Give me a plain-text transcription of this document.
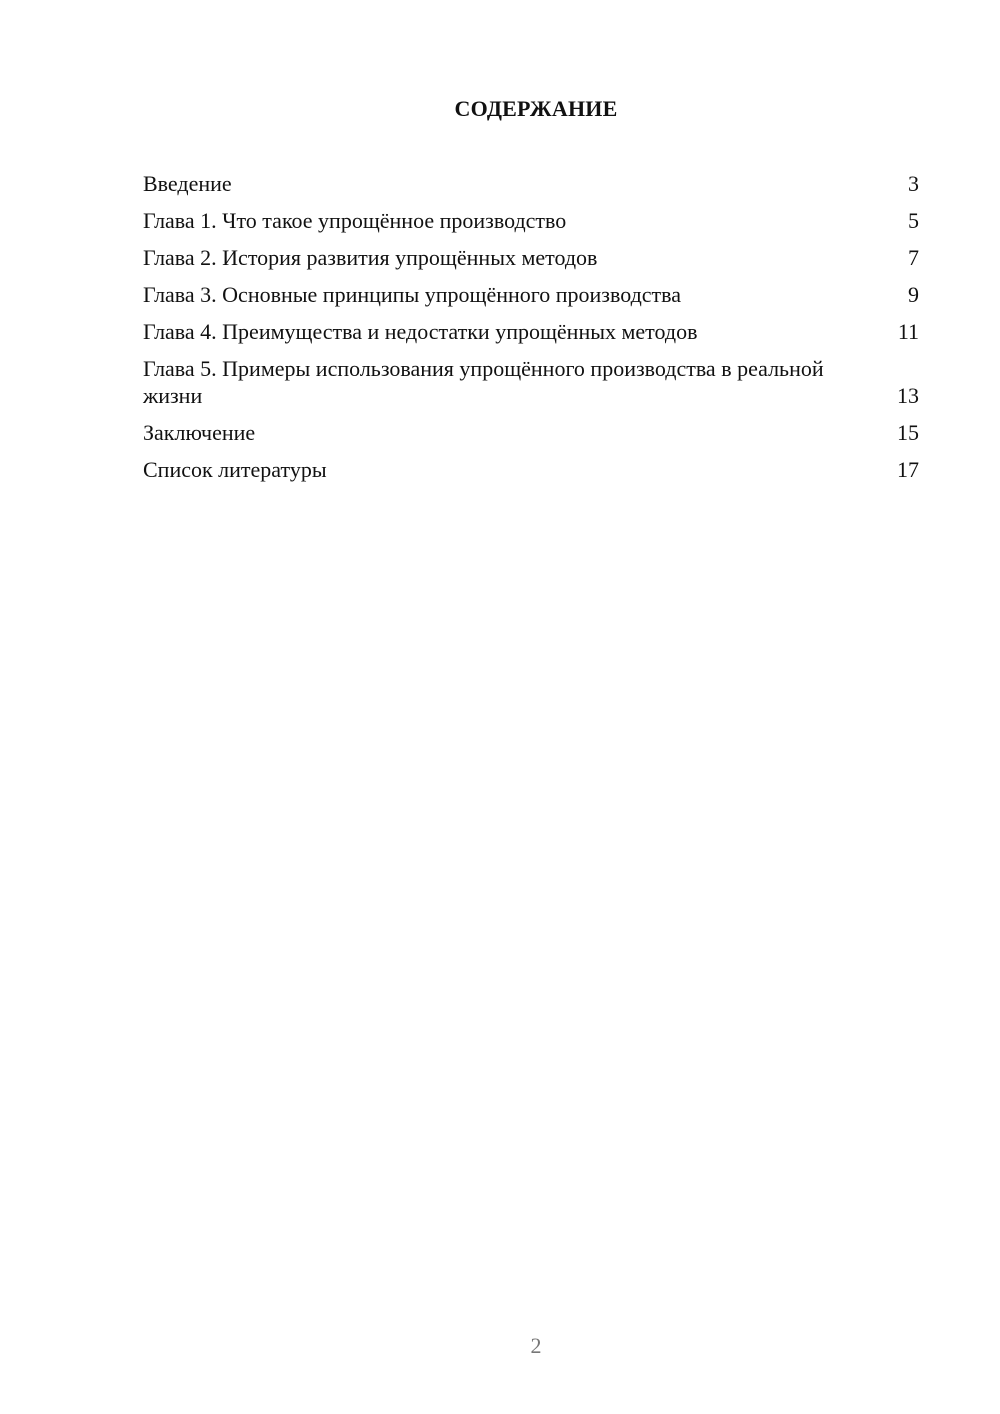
СОДЕРЖАНИЕ
Введение	3
Глава 1. Что такое упрощённое производство	5
Глава 2. История развития упрощённых методов	7
Глава 3. Основные принципы упрощённого производства	9
Глава 4. Преимущества и недостатки упрощённых методов	11
Глава 5. Примеры использования упрощённого производства в реальной жизни	13
Заключение	15
Список литературы	17
2
